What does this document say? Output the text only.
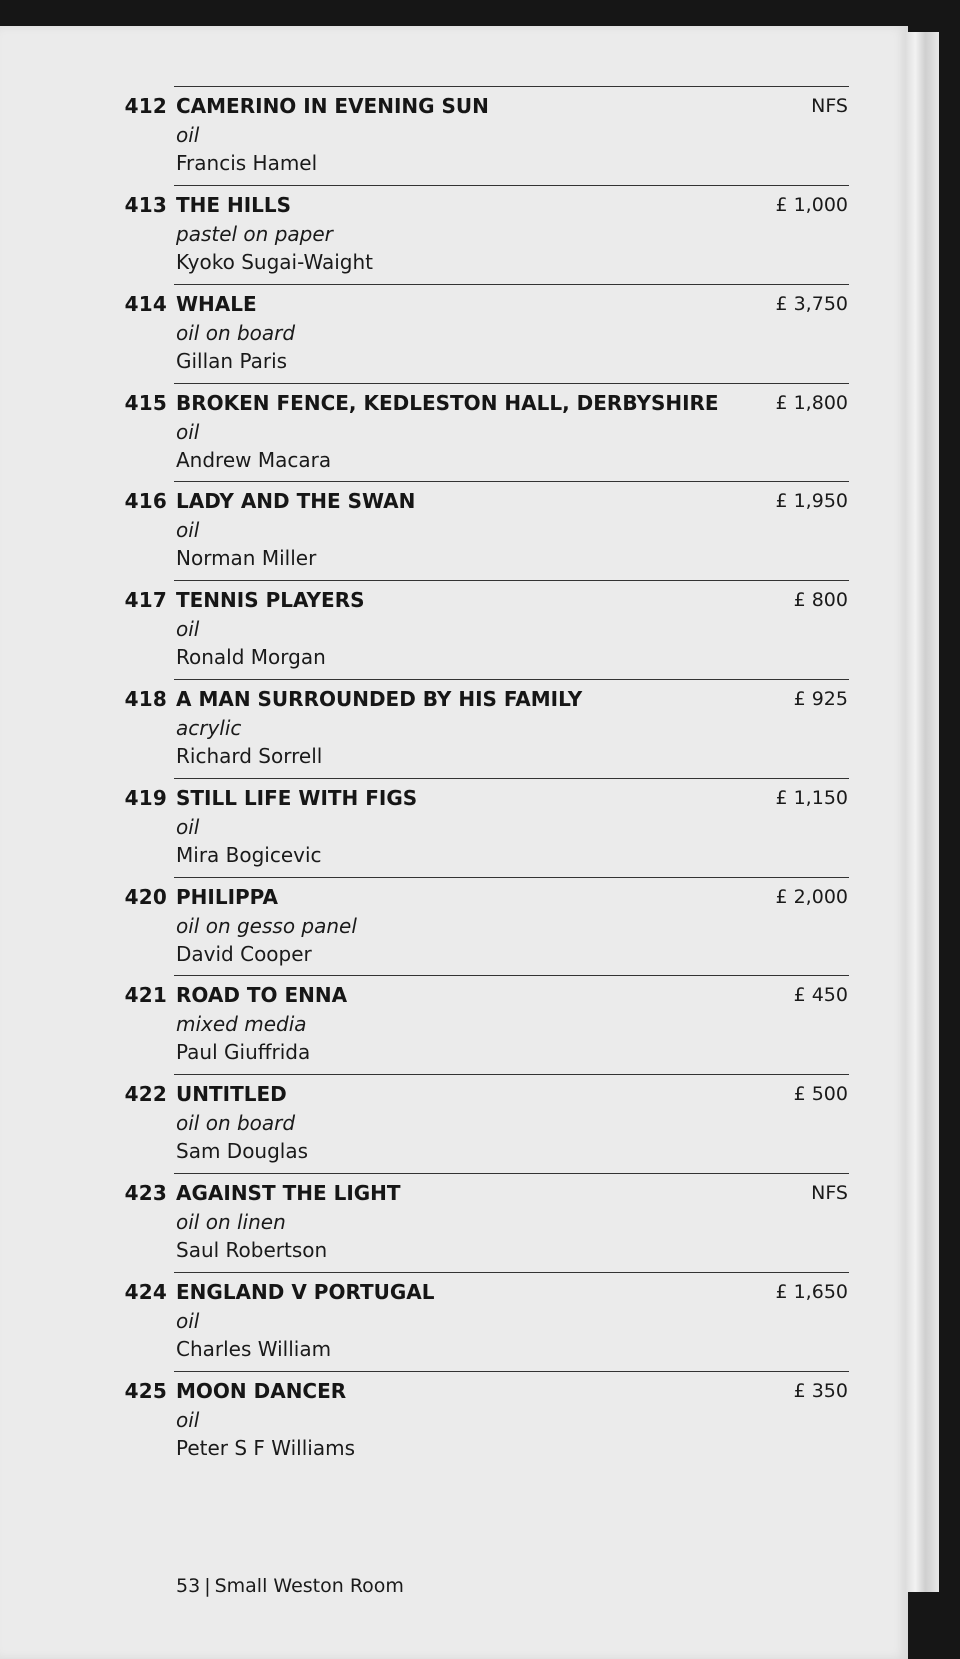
412 CAMERINO IN EVENING SUN
oil
Francis Hamel
NFS
413 THE HILLS
pastel on paper
Kyoko Sugai-Waight
£ 1,000
414 WHALE
oil on board
Gillan Paris
£ 3,750
415 BROKEN FENCE, KEDLESTON HALL, DERBYSHIRE
oil
Andrew Macara
£ 1,800
416 LADY AND THE SWAN
oil
Norman Miller
£ 1,950
417 TENNIS PLAYERS
oil
Ronald Morgan
£ 800
418 A MAN SURROUNDED BY HIS FAMILY
acrylic
Richard Sorrell
£ 925
419 STILL LIFE WITH FIGS
oil
Mira Bogicevic
£ 1,150
420 PHILIPPA
oil on gesso panel
David Cooper
£ 2,000
421 ROAD TO ENNA
mixed media
Paul Giuffrida
£ 450
422 UNTITLED
oil on board
Sam Douglas
£ 500
423 AGAINST THE LIGHT
oil on linen
Saul Robertson
NFS
424 ENGLAND V PORTUGAL
oil
Charles William
£ 1,650
425 MOON DANCER
oil
Peter S F Williams
£ 350
53 | Small Weston Room
